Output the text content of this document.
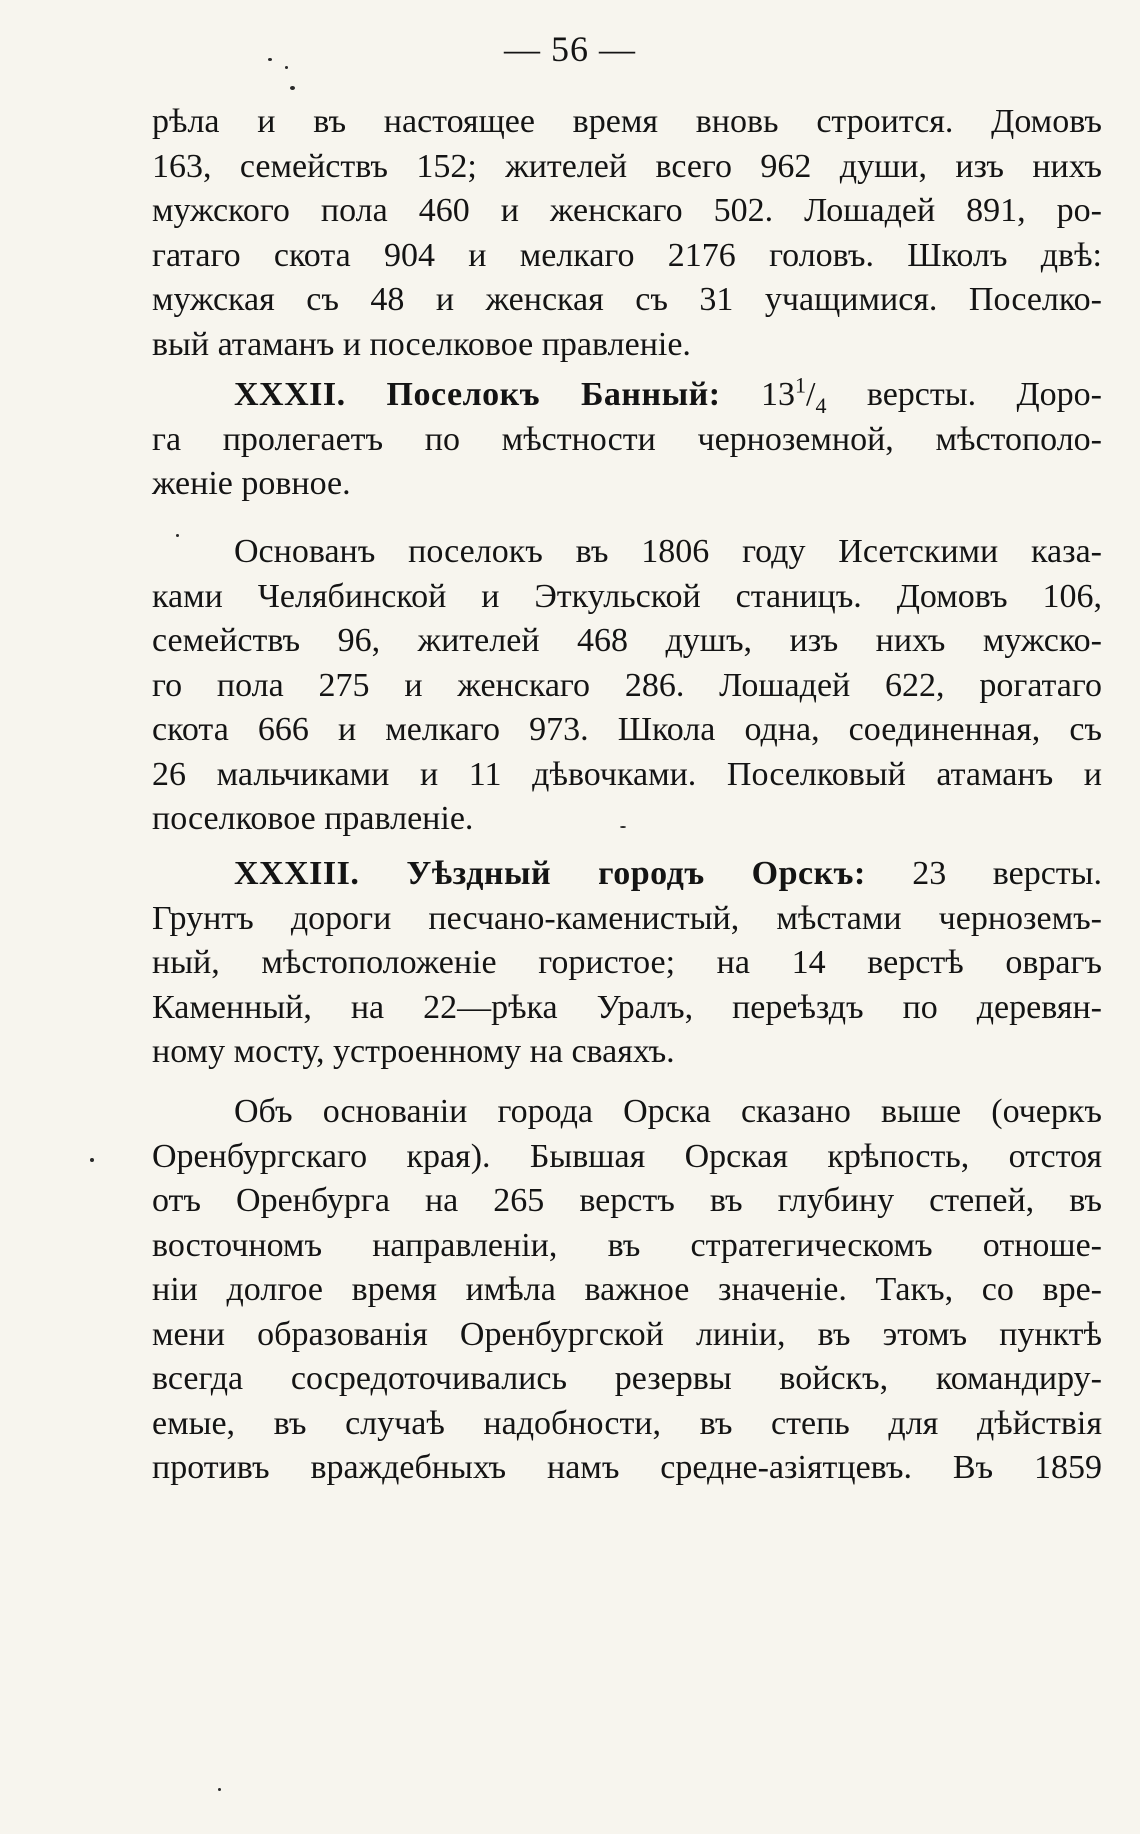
— 56 —
рѣла и въ настоящее время вновь строится. Домовъ
163, семействъ 152; жителей всего 962 души, изъ нихъ
мужского пола 460 и женскаго 502. Лошадей 891, ро-
гатаго скота 904 и мелкаго 2176 головъ. Школъ двѣ:
мужская съ 48 и женская съ 31 учащимися. Поселко-
вый атаманъ и поселковое правленіе.
XXXII. Поселокъ Банный: $13^1/_4$ версты. Доро-
га пролегаетъ по мѣстности черноземной, мѣстополо-
женіе ровное.
Основанъ поселокъ въ 1806 году Исетскими каза-
ками Челябинской и Эткульской станицъ. Домовъ 106,
семействъ 96, жителей 468 душъ, изъ нихъ мужско-
го пола 275 и женскаго 286. Лошадей 622, рогатаго
скота 666 и мелкаго 973. Школа одна, соединенная, съ
26 мальчиками и 11 дѣвочками. Поселковый атаманъ и
поселковое правленіе.
XXXIII. Уѣздный городъ Орскъ: 23 версты.
Грунтъ дороги песчано-каменистый, мѣстами черноземъ-
ный, мѣстоположеніе гористое; на 14 верстѣ оврагъ
Каменный, на 22—рѣка Уралъ, переѣздъ по деревян-
ному мосту, устроенному на сваяхъ.
Объ основаніи города Орска сказано выше (очеркъ
Оренбургскаго края). Бывшая Орская крѣпость, отстоя
отъ Оренбурга на 265 верстъ въ глубину степей, въ
восточномъ направленіи, въ стратегическомъ отноше-
ніи долгое время имѣла важное значеніе. Такъ, со вре-
мени образованія Оренбургской линіи, въ этомъ пунктѣ
всегда сосредоточивались резервы войскъ, командиру-
емые, въ случаѣ надобности, въ степь для дѣйствія
противъ враждебныхъ намъ средне-азіятцевъ. Въ 1859
